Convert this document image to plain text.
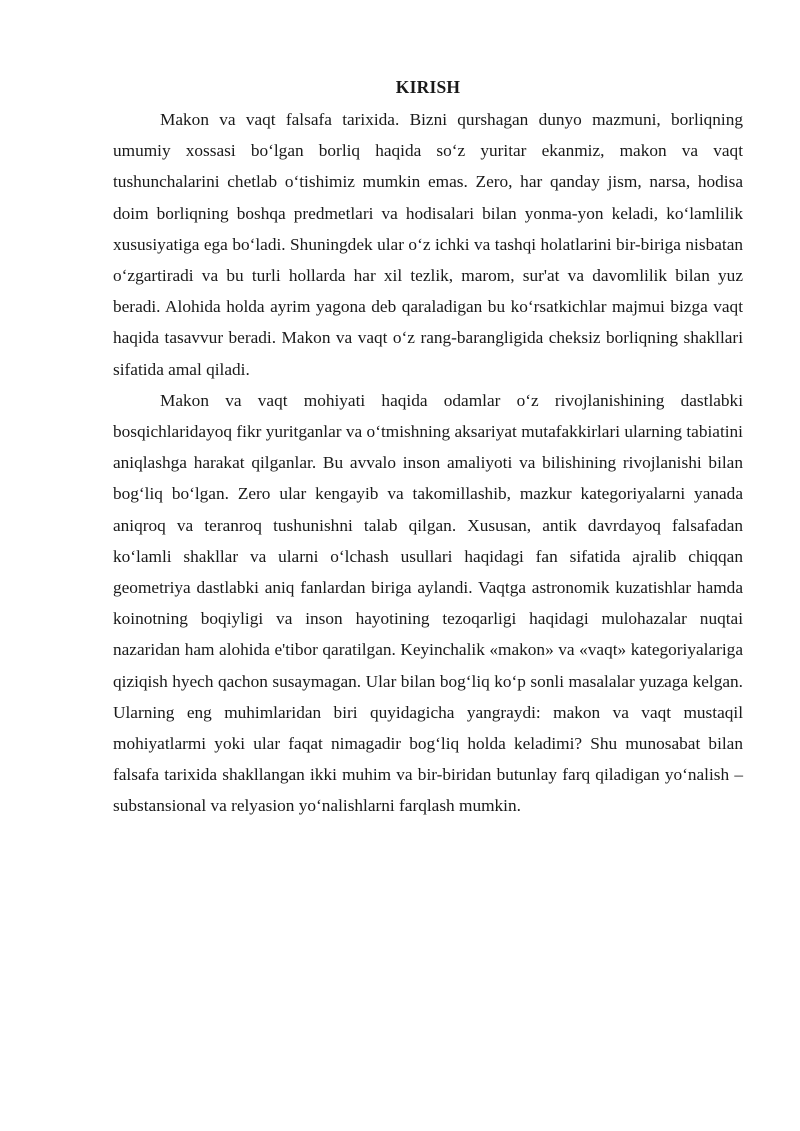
KIRISH

Makon va vaqt falsafa tarixida. Bizni qurshagan dunyo mazmuni, borliqning umumiy xossasi bo‘lgan borliq haqida so‘z yuritar ekanmiz, makon va vaqt tushunchalarini chetlab o‘tishimiz mumkin emas. Zero, har qanday jism, narsa, hodisa doim borliqning boshqa predmetlari va hodisalari bilan yonma-yon keladi, ko‘lamlilik xususiyatiga ega bo‘ladi. Shuningdek ular o‘z ichki va tashqi holatlarini bir-biriga nisbatan o‘zgartiradi va bu turli hollarda har xil tezlik, marom, sur'at va davomlilik bilan yuz beradi. Alohida holda ayrim yagona deb qaraladigan bu ko‘rsatkichlar majmui bizga vaqt haqida tasavvur beradi. Makon va vaqt o‘z rang-barangligida cheksiz borliqning shakllari sifatida amal qiladi.

Makon va vaqt mohiyati haqida odamlar o‘z rivojlanishining dastlabki bosqichlaridayoq fikr yuritganlar va o‘tmishning aksariyat mutafakkirlari ularning tabiatini aniqlashga harakat qilganlar. Bu avvalo inson amaliyoti va bilishining rivojlanishi bilan bog‘liq bo‘lgan. Zero ular kengayib va takomillashib, mazkur kategoriyalarni yanada aniqroq va teranroq tushunishni talab qilgan. Xususan, antik davrdayoq falsafadan ko‘lamli shakllar va ularni o‘lchash usullari haqidagi fan sifatida ajralib chiqqan geometriya dastlabki aniq fanlardan biriga aylandi. Vaqtga astronomik kuzatishlar hamda koinotning boqiyligi va inson hayotining tezoqarligi haqidagi mulohazalar nuqtai nazaridan ham alohida e'tibor qaratilgan. Keyinchalik «makon» va «vaqt» kategoriyalariga qiziqish hyech qachon susaymagan. Ular bilan bog‘liq ko‘p sonli masalalar yuzaga kelgan. Ularning eng muhimlaridan biri quyidagicha yangraydi: makon va vaqt mustaqil mohiyatlarmi yoki ular faqat nimagadir bog‘liq holda keladimi? Shu munosabat bilan falsafa tarixida shakllangan ikki muhim va bir-biridan butunlay farq qiladigan yo‘nalish – substansional va relyasion yo‘nalishlarni farqlash mumkin.
